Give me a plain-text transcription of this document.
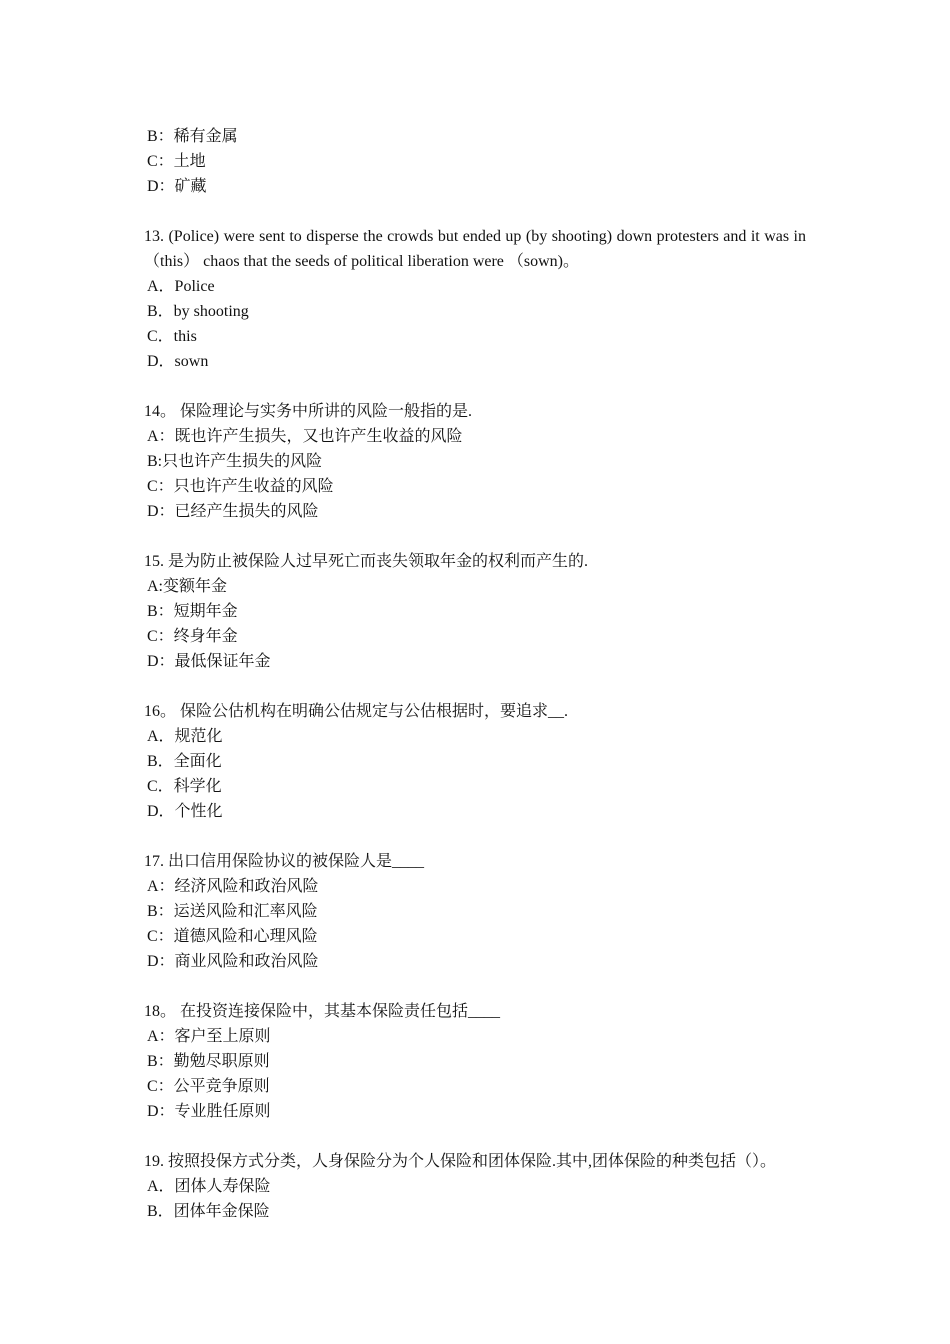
B：稀有金属
C：土地
D：矿藏
13. (Police) were sent to disperse the crowds but ended up (by shooting) down protesters and it was in （this） chaos that the seeds of political liberation were （sown)。
A．Police
B．by shooting
C．this
D．sown
14。 保险理论与实务中所讲的风险一般指的是.
A：既也许产生损失，又也许产生收益的风险
B:只也许产生损失的风险
C：只也许产生收益的风险
D：已经产生损失的风险
15. 是为防止被保险人过早死亡而丧失领取年金的权利而产生的.
A:变额年金
B：短期年金
C：终身年金
D：最低保证年金
16。 保险公估机构在明确公估规定与公估根据时，要追求__.
A．规范化
B．全面化
C．科学化
D．个性化
17. 出口信用保险协议的被保险人是____
A：经济风险和政治风险
B：运送风险和汇率风险
C：道德风险和心理风险
D：商业风险和政治风险
18。 在投资连接保险中，其基本保险责任包括____
A：客户至上原则
B：勤勉尽职原则
C：公平竞争原则
D：专业胜任原则
19. 按照投保方式分类，人身保险分为个人保险和团体保险.其中,团体保险的种类包括（）。
A．团体人寿保险
B．团体年金保险
